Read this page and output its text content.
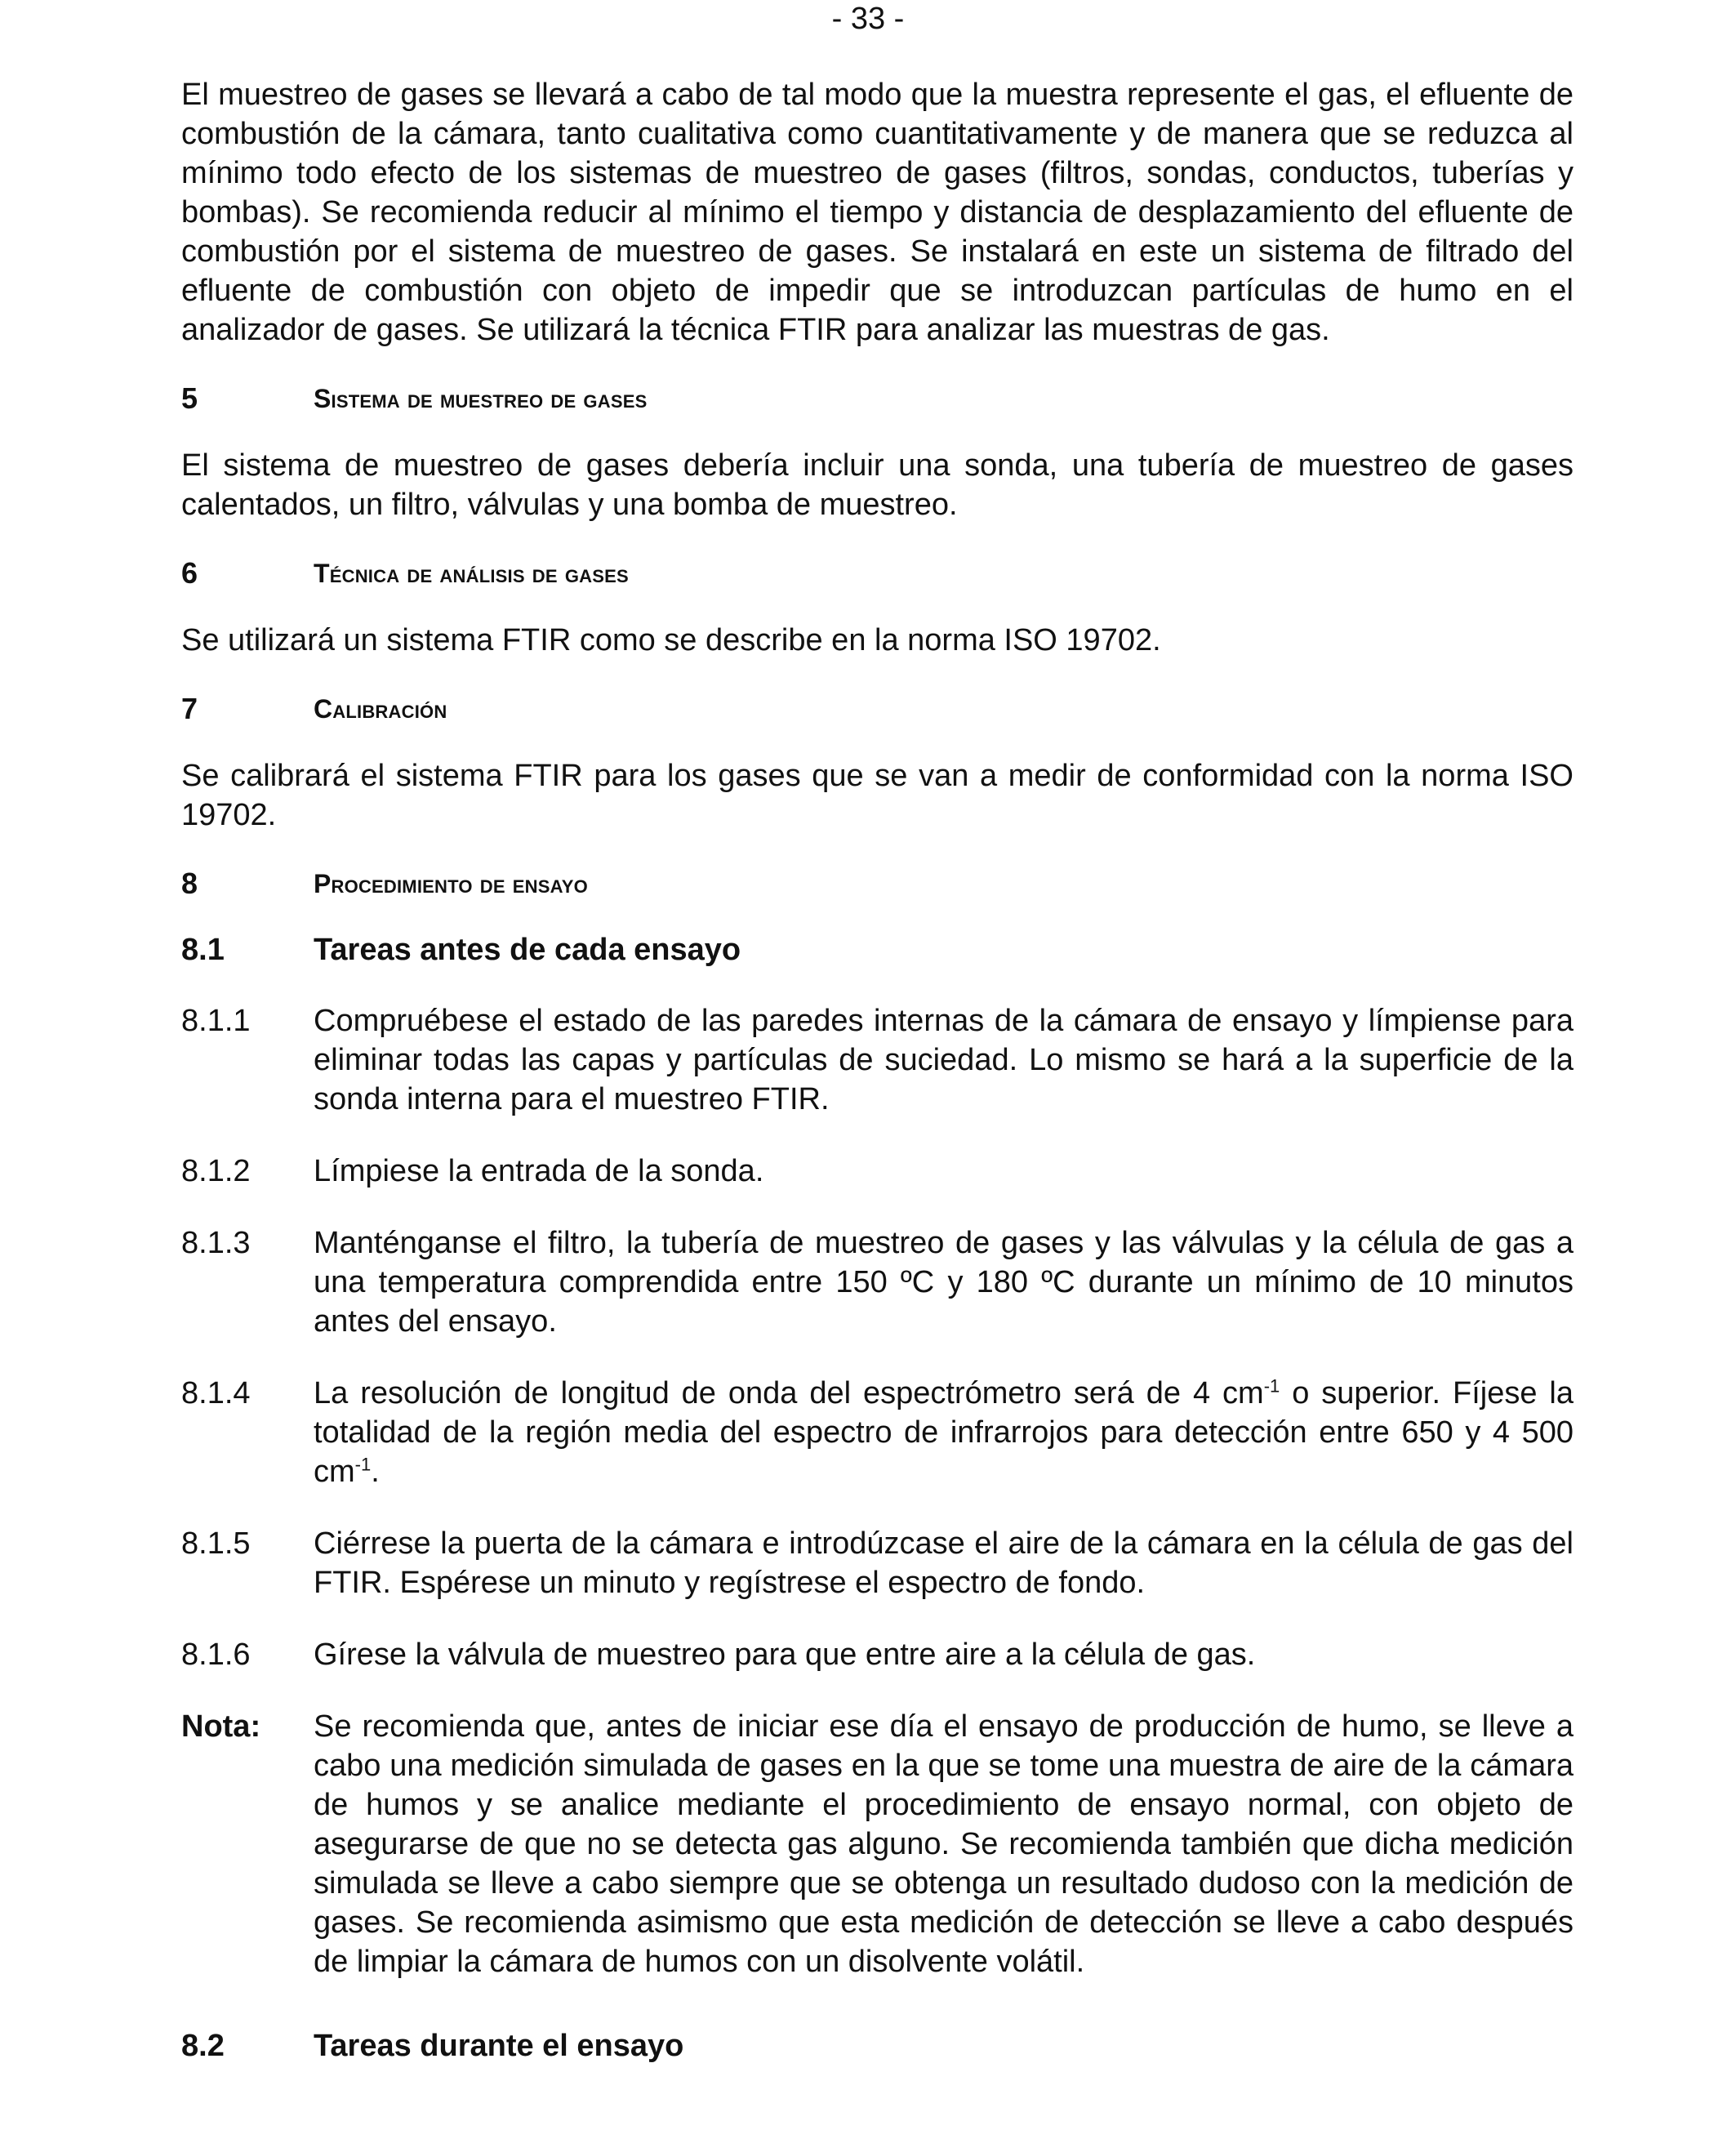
- 33 -

El muestreo de gases se llevará a cabo de tal modo que la muestra represente el gas, el efluente de combustión de la cámara, tanto cualitativa como cuantitativamente y de manera que se reduzca al mínimo todo efecto de los sistemas de muestreo de gases (filtros, sondas, conductos, tuberías y bombas). Se recomienda reducir al mínimo el tiempo y distancia de desplazamiento del efluente de combustión por el sistema de muestreo de gases. Se instalará en este un sistema de filtrado del efluente de combustión con objeto de impedir que se introduzcan partículas de humo en el analizador de gases. Se utilizará la técnica FTIR para analizar las muestras de gas.

5	Sistema de muestreo de gases

El sistema de muestreo de gases debería incluir una sonda, una tubería de muestreo de gases calentados, un filtro, válvulas y una bomba de muestreo.

6	Técnica de análisis de gases

Se utilizará un sistema FTIR como se describe en la norma ISO 19702.

7	Calibración

Se calibrará el sistema FTIR para los gases que se van a medir de conformidad con la norma ISO 19702.

8	Procedimiento de ensayo
8.1	Tareas antes de cada ensayo
8.1.1	Compruébese el estado de las paredes internas de la cámara de ensayo y límpiense para eliminar todas las capas y partículas de suciedad. Lo mismo se hará a la superficie de la sonda interna para el muestreo FTIR.
8.1.2	Límpiese la entrada de la sonda.
8.1.3	Manténganse el filtro, la tubería de muestreo de gases y las válvulas y la célula de gas a una temperatura comprendida entre 150 ºC y 180 ºC durante un mínimo de 10 minutos antes del ensayo.
8.1.4	La resolución de longitud de onda del espectrómetro será de 4 $cm^{-1}$ o superior. Fíjese la totalidad de la región media del espectro de infrarrojos para detección entre 650 y 4 500 $cm^{-1}$.
8.1.5	Ciérrese la puerta de la cámara e introdúzcase el aire de la cámara en la célula de gas del FTIR. Espérese un minuto y regístrese el espectro de fondo.
8.1.6	Gírese la válvula de muestreo para que entre aire a la célula de gas.
Nota:	Se recomienda que, antes de iniciar ese día el ensayo de producción de humo, se lleve a cabo una medición simulada de gases en la que se tome una muestra de aire de la cámara de humos y se analice mediante el procedimiento de ensayo normal, con objeto de asegurarse de que no se detecta gas alguno. Se recomienda también que dicha medición simulada se lleve a cabo siempre que se obtenga un resultado dudoso con la medición de gases. Se recomienda asimismo que esta medición de detección se lleve a cabo después de limpiar la cámara de humos con un disolvente volátil.
8.2	Tareas durante el ensayo
